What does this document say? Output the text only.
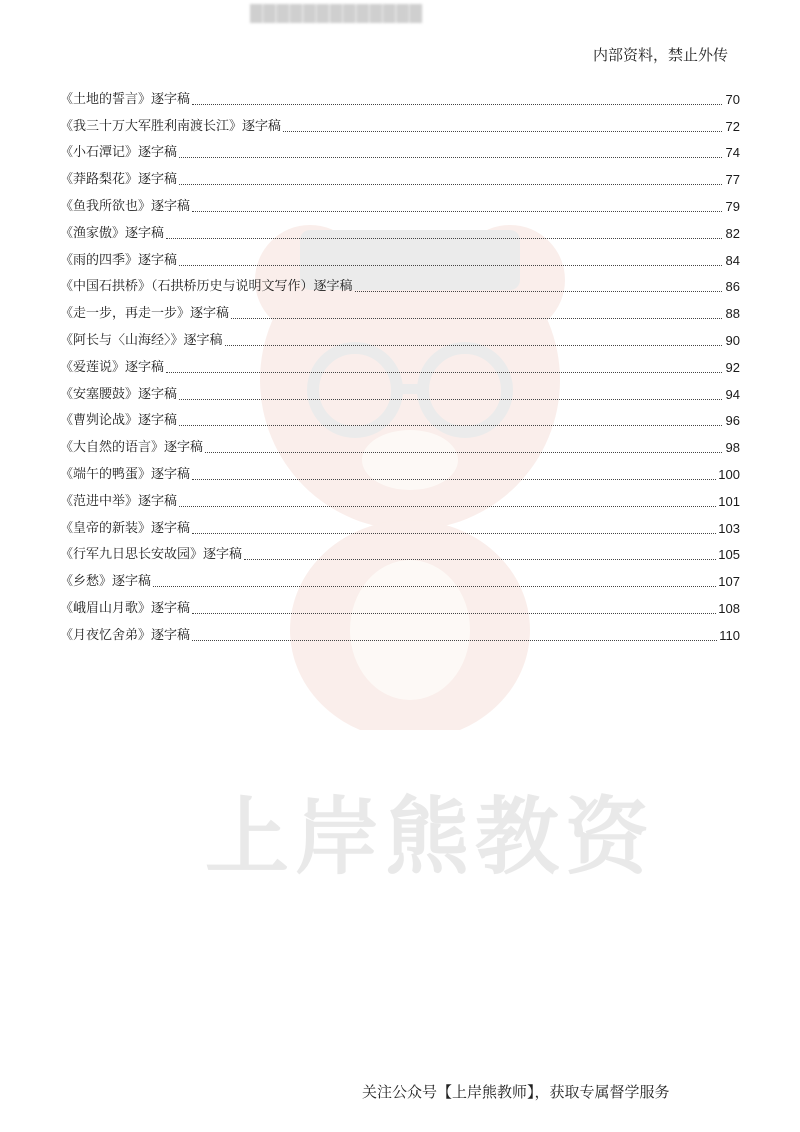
█████████████
内部资料，禁止外传
上岸熊教资
《土地的誓言》逐字稿	70
《我三十万大军胜利南渡长江》逐字稿	72
《小石潭记》逐字稿	74
《莽路梨花》逐字稿	77
《鱼我所欲也》逐字稿	79
《渔家傲》逐字稿	82
《雨的四季》逐字稿	84
《中国石拱桥》（石拱桥历史与说明文写作）逐字稿	86
《走一步，再走一步》逐字稿	88
《阿长与〈山海经〉》逐字稿	90
《爱莲说》逐字稿	92
《安塞腰鼓》逐字稿	94
《曹刿论战》逐字稿	96
《大自然的语言》逐字稿	98
《端午的鸭蛋》逐字稿	100
《范进中举》逐字稿	101
《皇帝的新装》逐字稿	103
《行军九日思长安故园》逐字稿	105
《乡愁》逐字稿	107
《峨眉山月歌》逐字稿	108
《月夜忆舍弟》逐字稿	110
关注公众号【上岸熊教师】，获取专属督学服务
